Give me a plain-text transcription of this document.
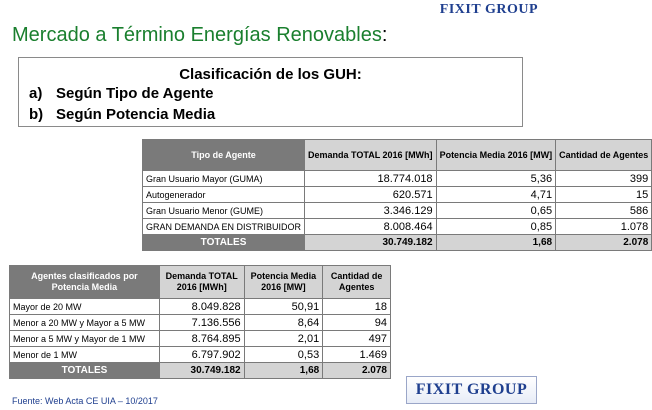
FIXIT GROUP
Mercado a Término Energías Renovables:
Clasificación de los GUH:
a) Según Tipo de Agente
b) Según Potencia Media
Tipo de Agente	Demanda TOTAL 2016 [MWh]	Potencia Media 2016 [MW]	Cantidad de Agentes
Gran Usuario Mayor (GUMA)	18.774.018	5,36	399
Autogenerador	620.571	4,71	15
Gran Usuario Menor (GUME)	3.346.129	0,65	586
GRAN DEMANDA EN DISTRIBUIDOR	8.008.464	0,85	1.078
TOTALES	30.749.182	1,68	2.078
Agentes clasificados por Potencia Media	Demanda TOTAL 2016 [MWh]	Potencia Media 2016 [MW]	Cantidad de Agentes
Mayor de 20 MW	8.049.828	50,91	18
Menor a 20 MW y Mayor a 5 MW	7.136.556	8,64	94
Menor a 5 MW y Mayor de 1 MW	8.764.895	2,01	497
Menor de 1 MW	6.797.902	0,53	1.469
TOTALES	30.749.182	1,68	2.078
Fuente: Web Acta CE UIA – 10/2017
FIXIT GROUP
